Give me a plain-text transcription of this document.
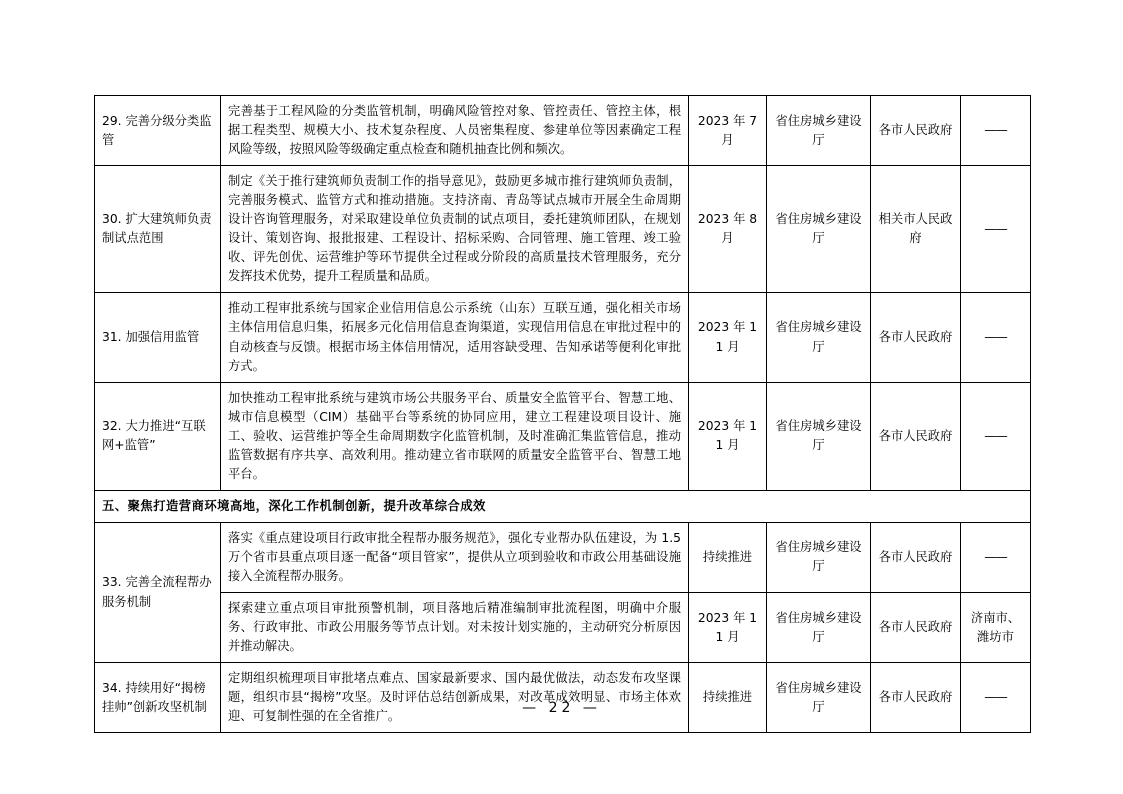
29. 完善分级分类监管	完善基于工程风险的分类监管机制，明确风险管控对象、管控责任、管控主体，根据工程类型、规模大小、技术复杂程度、人员密集程度、参建单位等因素确定工程风险等级，按照风险等级确定重点检查和随机抽查比例和频次。	2023 年 7 月	省住房城乡建设厅	各市人民政府	——
30. 扩大建筑师负责制试点范围	制定《关于推行建筑师负责制工作的指导意见》，鼓励更多城市推行建筑师负责制，完善服务模式、监管方式和推动措施。支持济南、青岛等试点城市开展全生命周期设计咨询管理服务，对采取建设单位负责制的试点项目，委托建筑师团队，在规划设计、策划咨询、报批报建、工程设计、招标采购、合同管理、施工管理、竣工验收、评先创优、运营维护等环节提供全过程或分阶段的高质量技术管理服务，充分发挥技术优势，提升工程质量和品质。	2023 年 8 月	省住房城乡建设厅	相关市人民政府	——
31. 加强信用监管	推动工程审批系统与国家企业信用信息公示系统（山东）互联互通，强化相关市场主体信用信息归集，拓展多元化信用信息查询渠道，实现信用信息在审批过程中的自动核查与反馈。根据市场主体信用情况，适用容缺受理、告知承诺等便利化审批方式。	2023 年 11 月	省住房城乡建设厅	各市人民政府	——
32. 大力推进“互联网+监管”	加快推动工程审批系统与建筑市场公共服务平台、质量安全监管平台、智慧工地、城市信息模型（CIM）基础平台等系统的协同应用，建立工程建设项目设计、施工、验收、运营维护等全生命周期数字化监管机制，及时准确汇集监管信息，推动监管数据有序共享、高效利用。推动建立省市联网的质量安全监管平台、智慧工地平台。	2023 年 11 月	省住房城乡建设厅	各市人民政府	——
五、聚焦打造营商环境高地，深化工作机制创新，提升改革综合成效					
33. 完善全流程帮办服务机制	落实《重点建设项目行政审批全程帮办服务规范》，强化专业帮办队伍建设，为 1.5 万个省市县重点项目逐一配备“项目管家”，提供从立项到验收和市政公用基础设施接入全流程帮办服务。	持续推进	省住房城乡建设厅	各市人民政府	——
	探索建立重点项目审批预警机制，项目落地后精准编制审批流程图，明确中介服务、行政审批、市政公用服务等节点计划。对未按计划实施的，主动研究分析原因并推动解决。	2023 年 11 月	省住房城乡建设厅	各市人民政府	济南市、潍坊市
34. 持续用好“揭榜挂帅”创新攻坚机制	定期组织梳理项目审批堵点难点、国家最新要求、国内最优做法，动态发布攻坚课题，组织市县“揭榜”攻坚。及时评估总结创新成果，对改革成效明显、市场主体欢迎、可复制性强的在全省推广。	持续推进	省住房城乡建设厅	各市人民政府	——
— 22 —
